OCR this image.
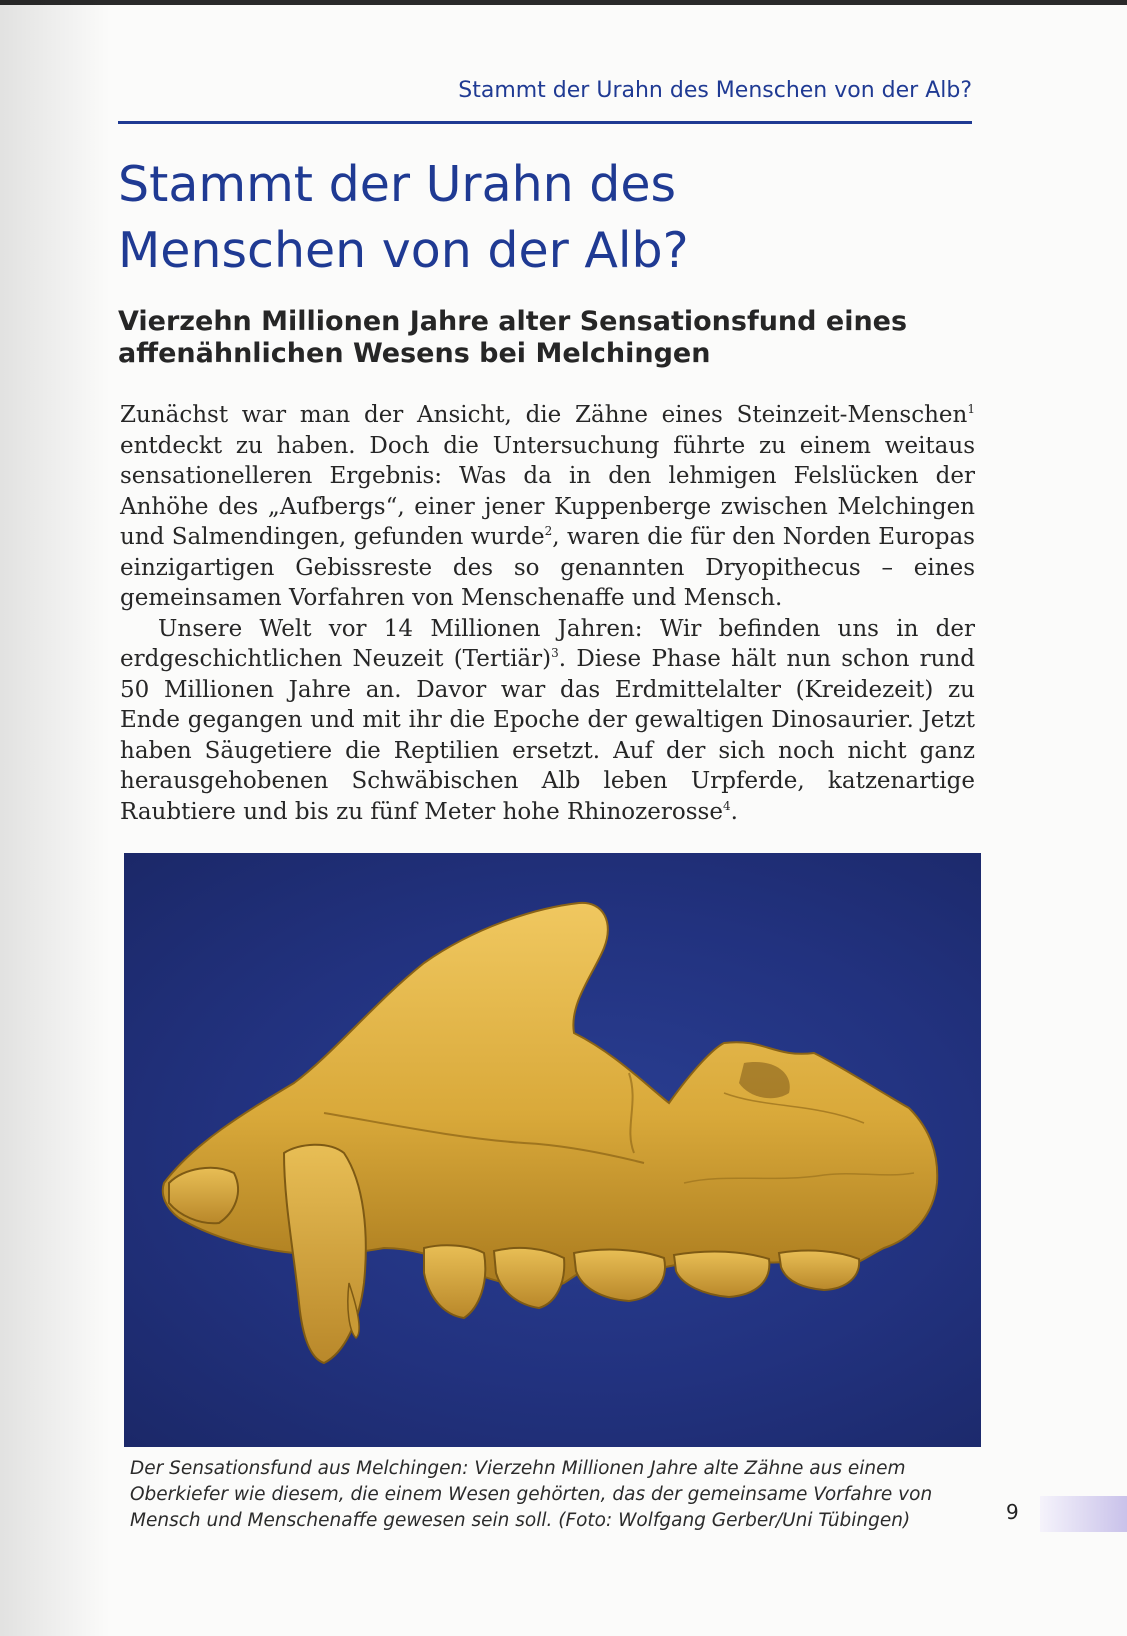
Stammt der Urahn des Menschen von der Alb?
Stammt der Urahn des
Menschen von der Alb?
Vierzehn Millionen Jahre alter Sensationsfund eines
affenähnlichen Wesens bei Melchingen

Zunächst war man der Ansicht, die Zähne eines Steinzeit-Menschen$^1$ entdeckt zu haben. Doch die Untersuchung führte zu einem weitaus sensationelleren Ergebnis: Was da in den lehmigen Felslücken der Anhöhe des „Aufbergs“, einer jener Kuppenberge zwischen Melchingen und Salmendingen, gefunden wurde$^2$, waren die für den Norden Europas einzigartigen Gebissreste des so genannten Dryopithecus – eines gemeinsamen Vorfahren von Menschenaffe und Mensch.

Unsere Welt vor 14 Millionen Jahren: Wir befinden uns in der erdgeschichtlichen Neuzeit (Tertiär)$^3$. Diese Phase hält nun schon rund 50 Millionen Jahre an. Davor war das Erdmittelalter (Kreidezeit) zu Ende gegangen und mit ihr die Epoche der gewaltigen Dinosaurier. Jetzt haben Säugetiere die Reptilien ersetzt. Auf der sich noch nicht ganz herausgehobenen Schwäbischen Alb leben Urpferde, katzenartige Raubtiere und bis zu fünf Meter hohe Rhinozerosse$^4$.

Der Sensationsfund aus Melchingen: Vierzehn Millionen Jahre alte Zähne aus einem Oberkiefer wie diesem, die einem Wesen gehörten, das der gemeinsame Vorfahre von Mensch und Menschenaffe gewesen sein soll. (Foto: Wolfgang Gerber/Uni Tübingen)	9
